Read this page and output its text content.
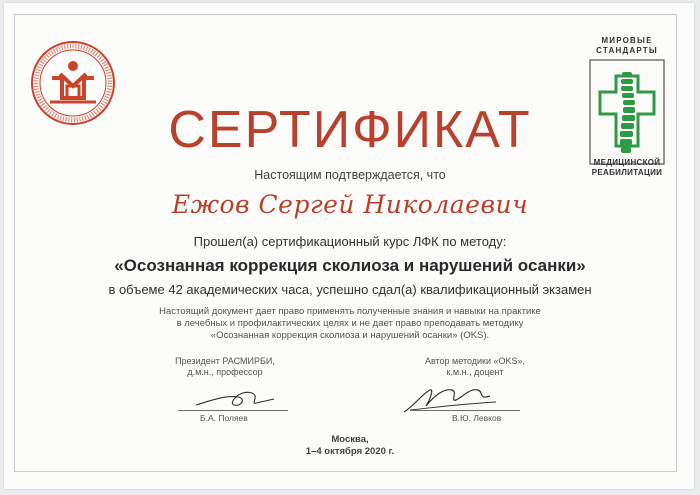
МИРОВЫЕ
СТАНДАРТЫ
МЕДИЦИНСКОЙ
РЕАБИЛИТАЦИИ
СЕРТИФИКАТ
Настоящим подтверждается, что
Ежов Сергей Николаевич
Прошел(а) сертификационный курс ЛФК по методу:
«Осознанная коррекция сколиоза и нарушений осанки»
в объеме 42 академических часа, успешно сдал(а) квалификационный экзамен
Настоящий документ дает право применять полученные знания и навыки на практике
в лечебных и профилактических целях и не дает право преподавать методику
«Осознанная коррекция сколиоза и нарушений осанки» (OKS).
Президент РАСМИРБИ,
д.м.н., профессор
Б.А. Поляев
Автор методики «OKS»,
к.м.н., доцент
В.Ю. Левков
Москва,
1–4 октября 2020 г.
